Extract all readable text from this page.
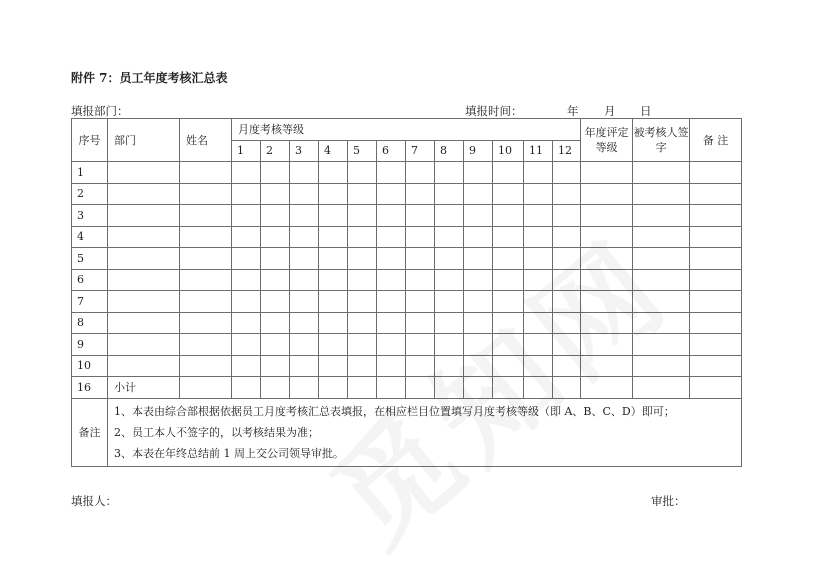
附件 7：员工年度考核汇总表
填报部门：	填报时间：	年 月 日
序号	部门	姓名	月度考核等级												年度评定等级	被考核人签字	备 注
			1	2	3	4	5	6	7	8	9	10	11	12			
1																	
2																	
3																	
4																	
5																	
6																	
7																	
8																	
9																	
10																	
16	小计																
备注	1、本表由综合部根据依据员工月度考核汇总表填报，在相应栏目位置填写月度考核等级（即 A、B、C、D）即可；
2、员工本人不签字的，以考核结果为准；
3、本表在年终总结前 1 周上交公司领导审批。																
填报人：	审批：
